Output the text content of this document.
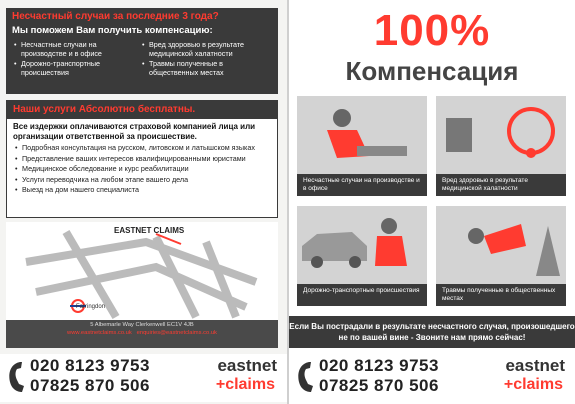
Несчастный случаи за последние 3 года?
Мы поможем Вам получить компенсацию:
• Несчастные случаи на производстве и в офисе
• Дорожно-транспортные происшествия
• Вред здоровью в результате медицинской халатности
• Травмы полученные в общественных местах
Наши услуги Абсолютно бесплатны.
Все издержки оплачиваются страховой компанией лица или организации ответственной за происшествие.
• Подробная консультация на русском, литовском и латышском языках
• Представление ваших интересов квалифицированными юристами
• Медицинское обследование и курс реабилитации
• Услуги переводчика на любом этапе вашего дела
• Выезд на дом нашего специалиста
EASTNET CLAIMS
Farringdon
5 Albemarle Way Clerkenwell EC1V 4JB
www.eastnetclaims.co.uk enquiries@eastnetclaims.co.uk
020 8123 9753
07825 870 506
eastnet
+claims
100%
Компенсация
Несчастные случаи на производстве и в офисе
Вред здоровью в результате медицинской халатности
Дорожно-транспортные происшествия	Травмы полученные в общественных местах
Если Вы пострадали в результате несчастного случая, произошедшего не по вашей вине - Звоните нам прямо сейчас!
020 8123 9753
07825 870 506
eastnet
+claims
